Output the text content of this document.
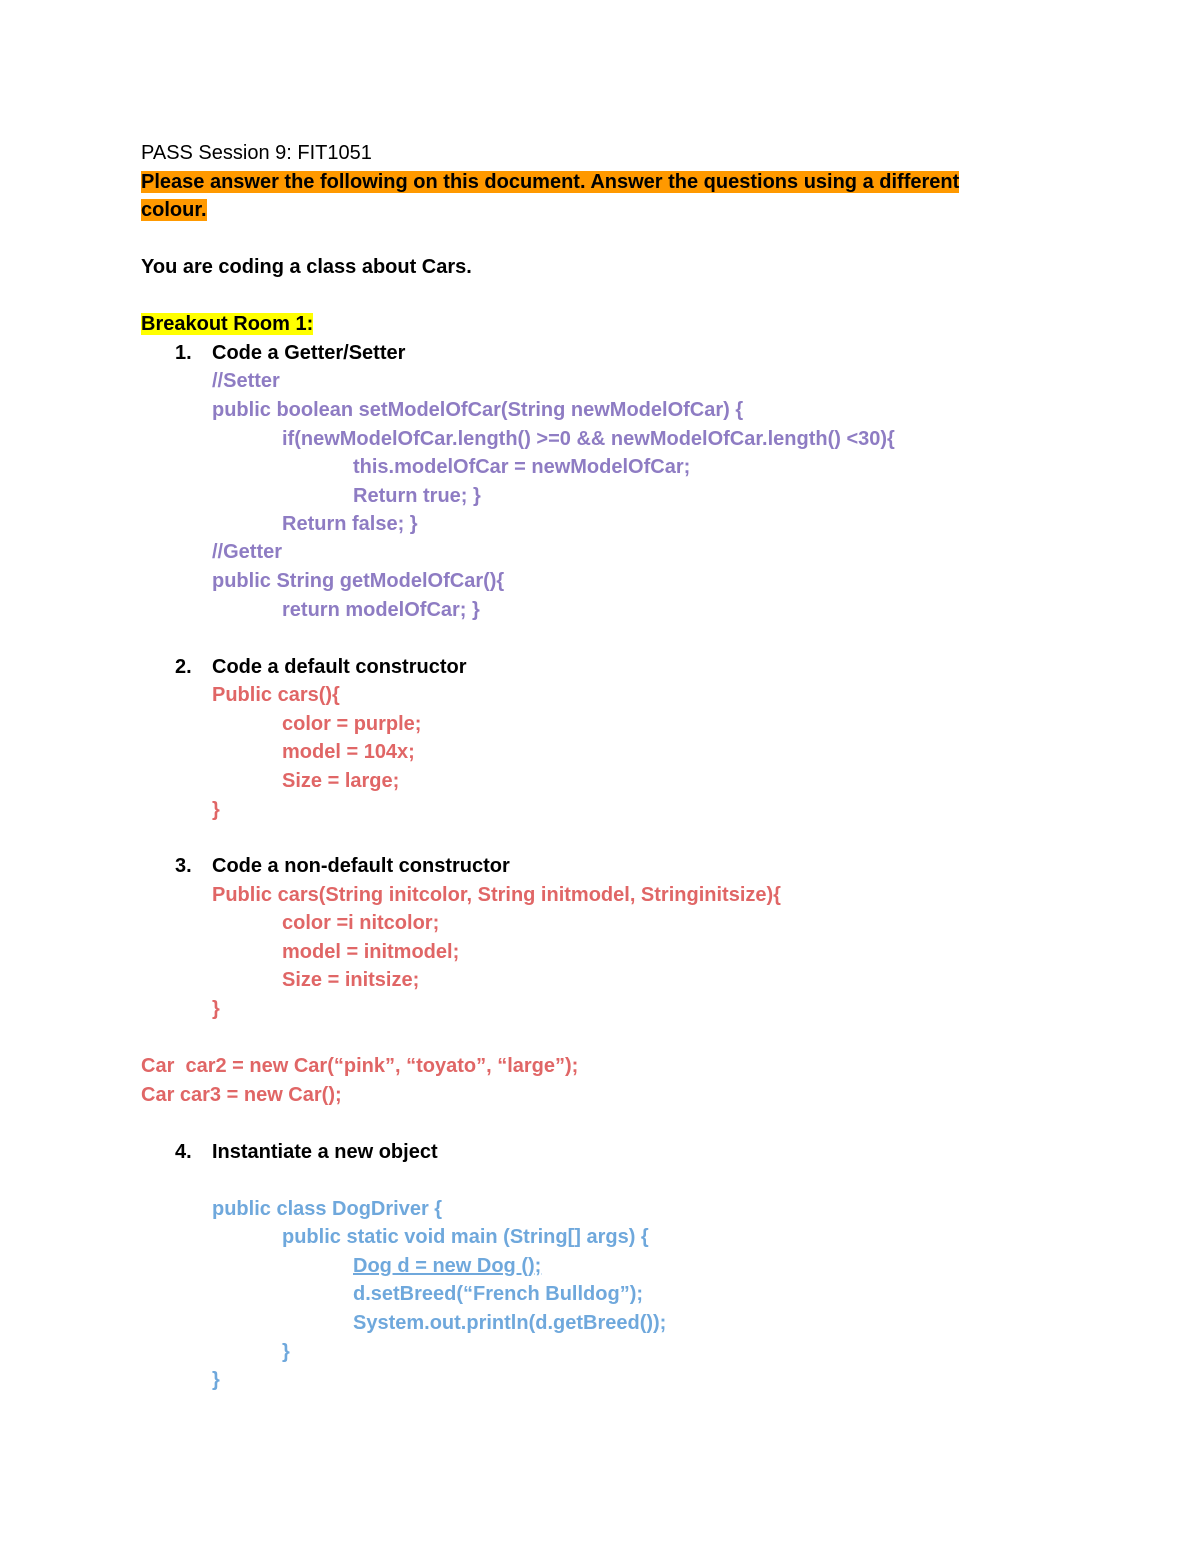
PASS Session 9: FIT1051
Please answer the following on this document. Answer the questions using a different
colour.
You are coding a class about Cars.
Breakout Room 1:
1. Code a Getter/Setter
//Setter
public boolean setModelOfCar(String newModelOfCar) {
if(newModelOfCar.length() >=0 && newModelOfCar.length() <30){
this.modelOfCar = newModelOfCar;
Return true; }
Return false; }
//Getter
public String getModelOfCar(){
return modelOfCar; }
2. Code a default constructor
Public cars(){
color = purple;
model = 104x;
Size = large;
}
3. Code a non-default constructor
Public cars(String initcolor, String initmodel, Stringinitsize){
color =i nitcolor;
model = initmodel;
Size = initsize;
}
Car  car2 = new Car(“pink”, “toyato”, “large”);
Car car3 = new Car();
4. Instantiate a new object
public class DogDriver {
public static void main (String[] args) {
Dog d = new Dog ();
d.setBreed(“French Bulldog”);
System.out.println(d.getBreed());
}
}
